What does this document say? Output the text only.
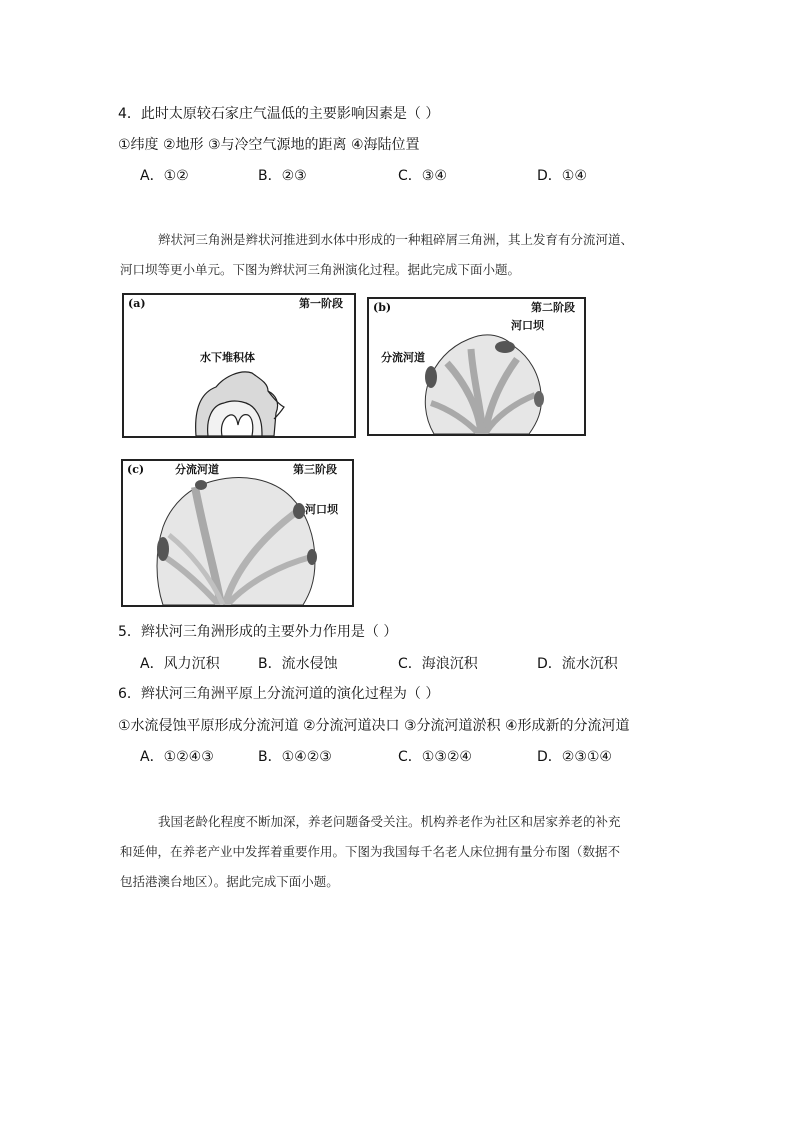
4．此时太原较石家庄气温低的主要影响因素是（ ）
①纬度 ②地形 ③与冷空气源地的距离 ④海陆位置
A．①②	B．②③	C．③④	D．①④
辫状河三角洲是辫状河推进到水体中形成的一种粗碎屑三角洲，其上发育有分流河道、
河口坝等更小单元。下图为辫状河三角洲演化过程。据此完成下面小题。
(a)	第一阶段
水下堆积体
(b)	第二阶段
河口坝
分流河道
(c)	第三阶段
分流河道
河口坝
5．辫状河三角洲形成的主要外力作用是（ ）
A．风力沉积	B．流水侵蚀	C．海浪沉积	D．流水沉积
6．辫状河三角洲平原上分流河道的演化过程为（ ）
①水流侵蚀平原形成分流河道 ②分流河道决口 ③分流河道淤积 ④形成新的分流河道
A．①②④③	B．①④②③	C．①③②④	D．②③①④
我国老龄化程度不断加深，养老问题备受关注。机构养老作为社区和居家养老的补充
和延伸，在养老产业中发挥着重要作用。下图为我国每千名老人床位拥有量分布图（数据不
包括港澳台地区）。据此完成下面小题。
